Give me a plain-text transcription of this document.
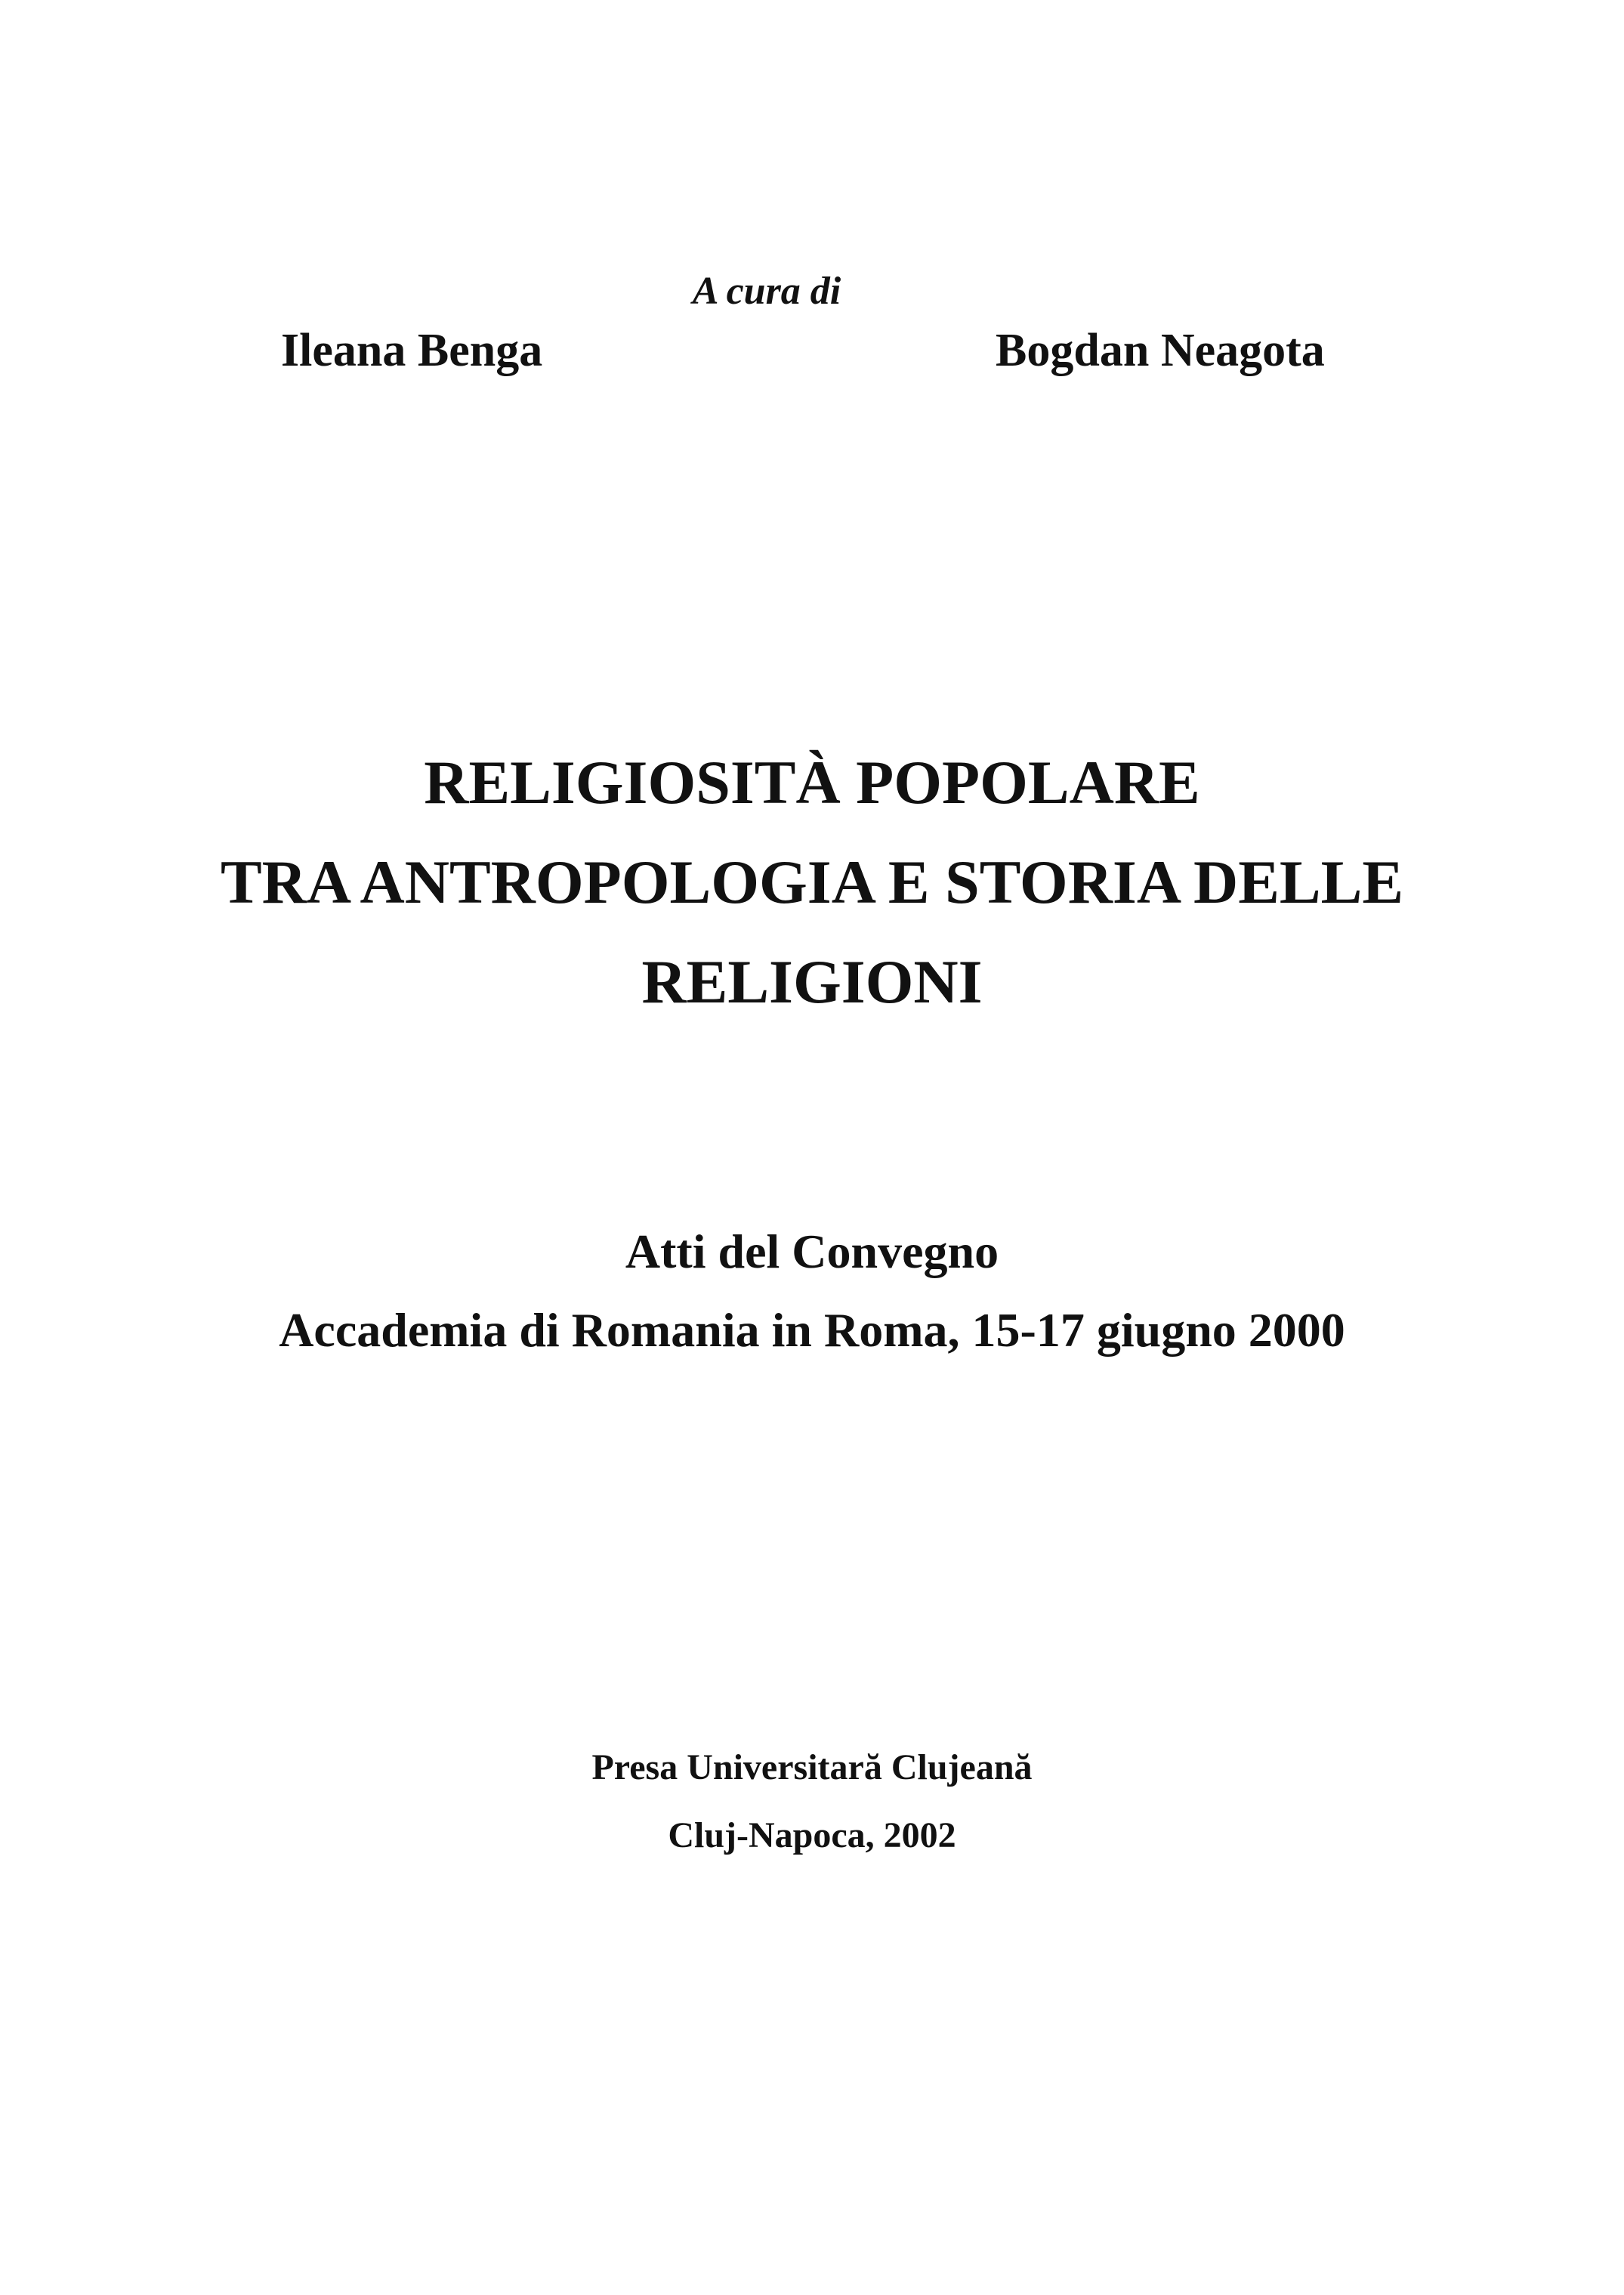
A cura di
Ileana Benga	Bogdan Neagota
RELIGIOSITÀ POPOLARE
TRA ANTROPOLOGIA E STORIA DELLE
RELIGIONI
Atti del Convegno
Accademia di Romania in Roma, 15-17 giugno 2000
Presa Universitară Clujeană
Cluj-Napoca, 2002
